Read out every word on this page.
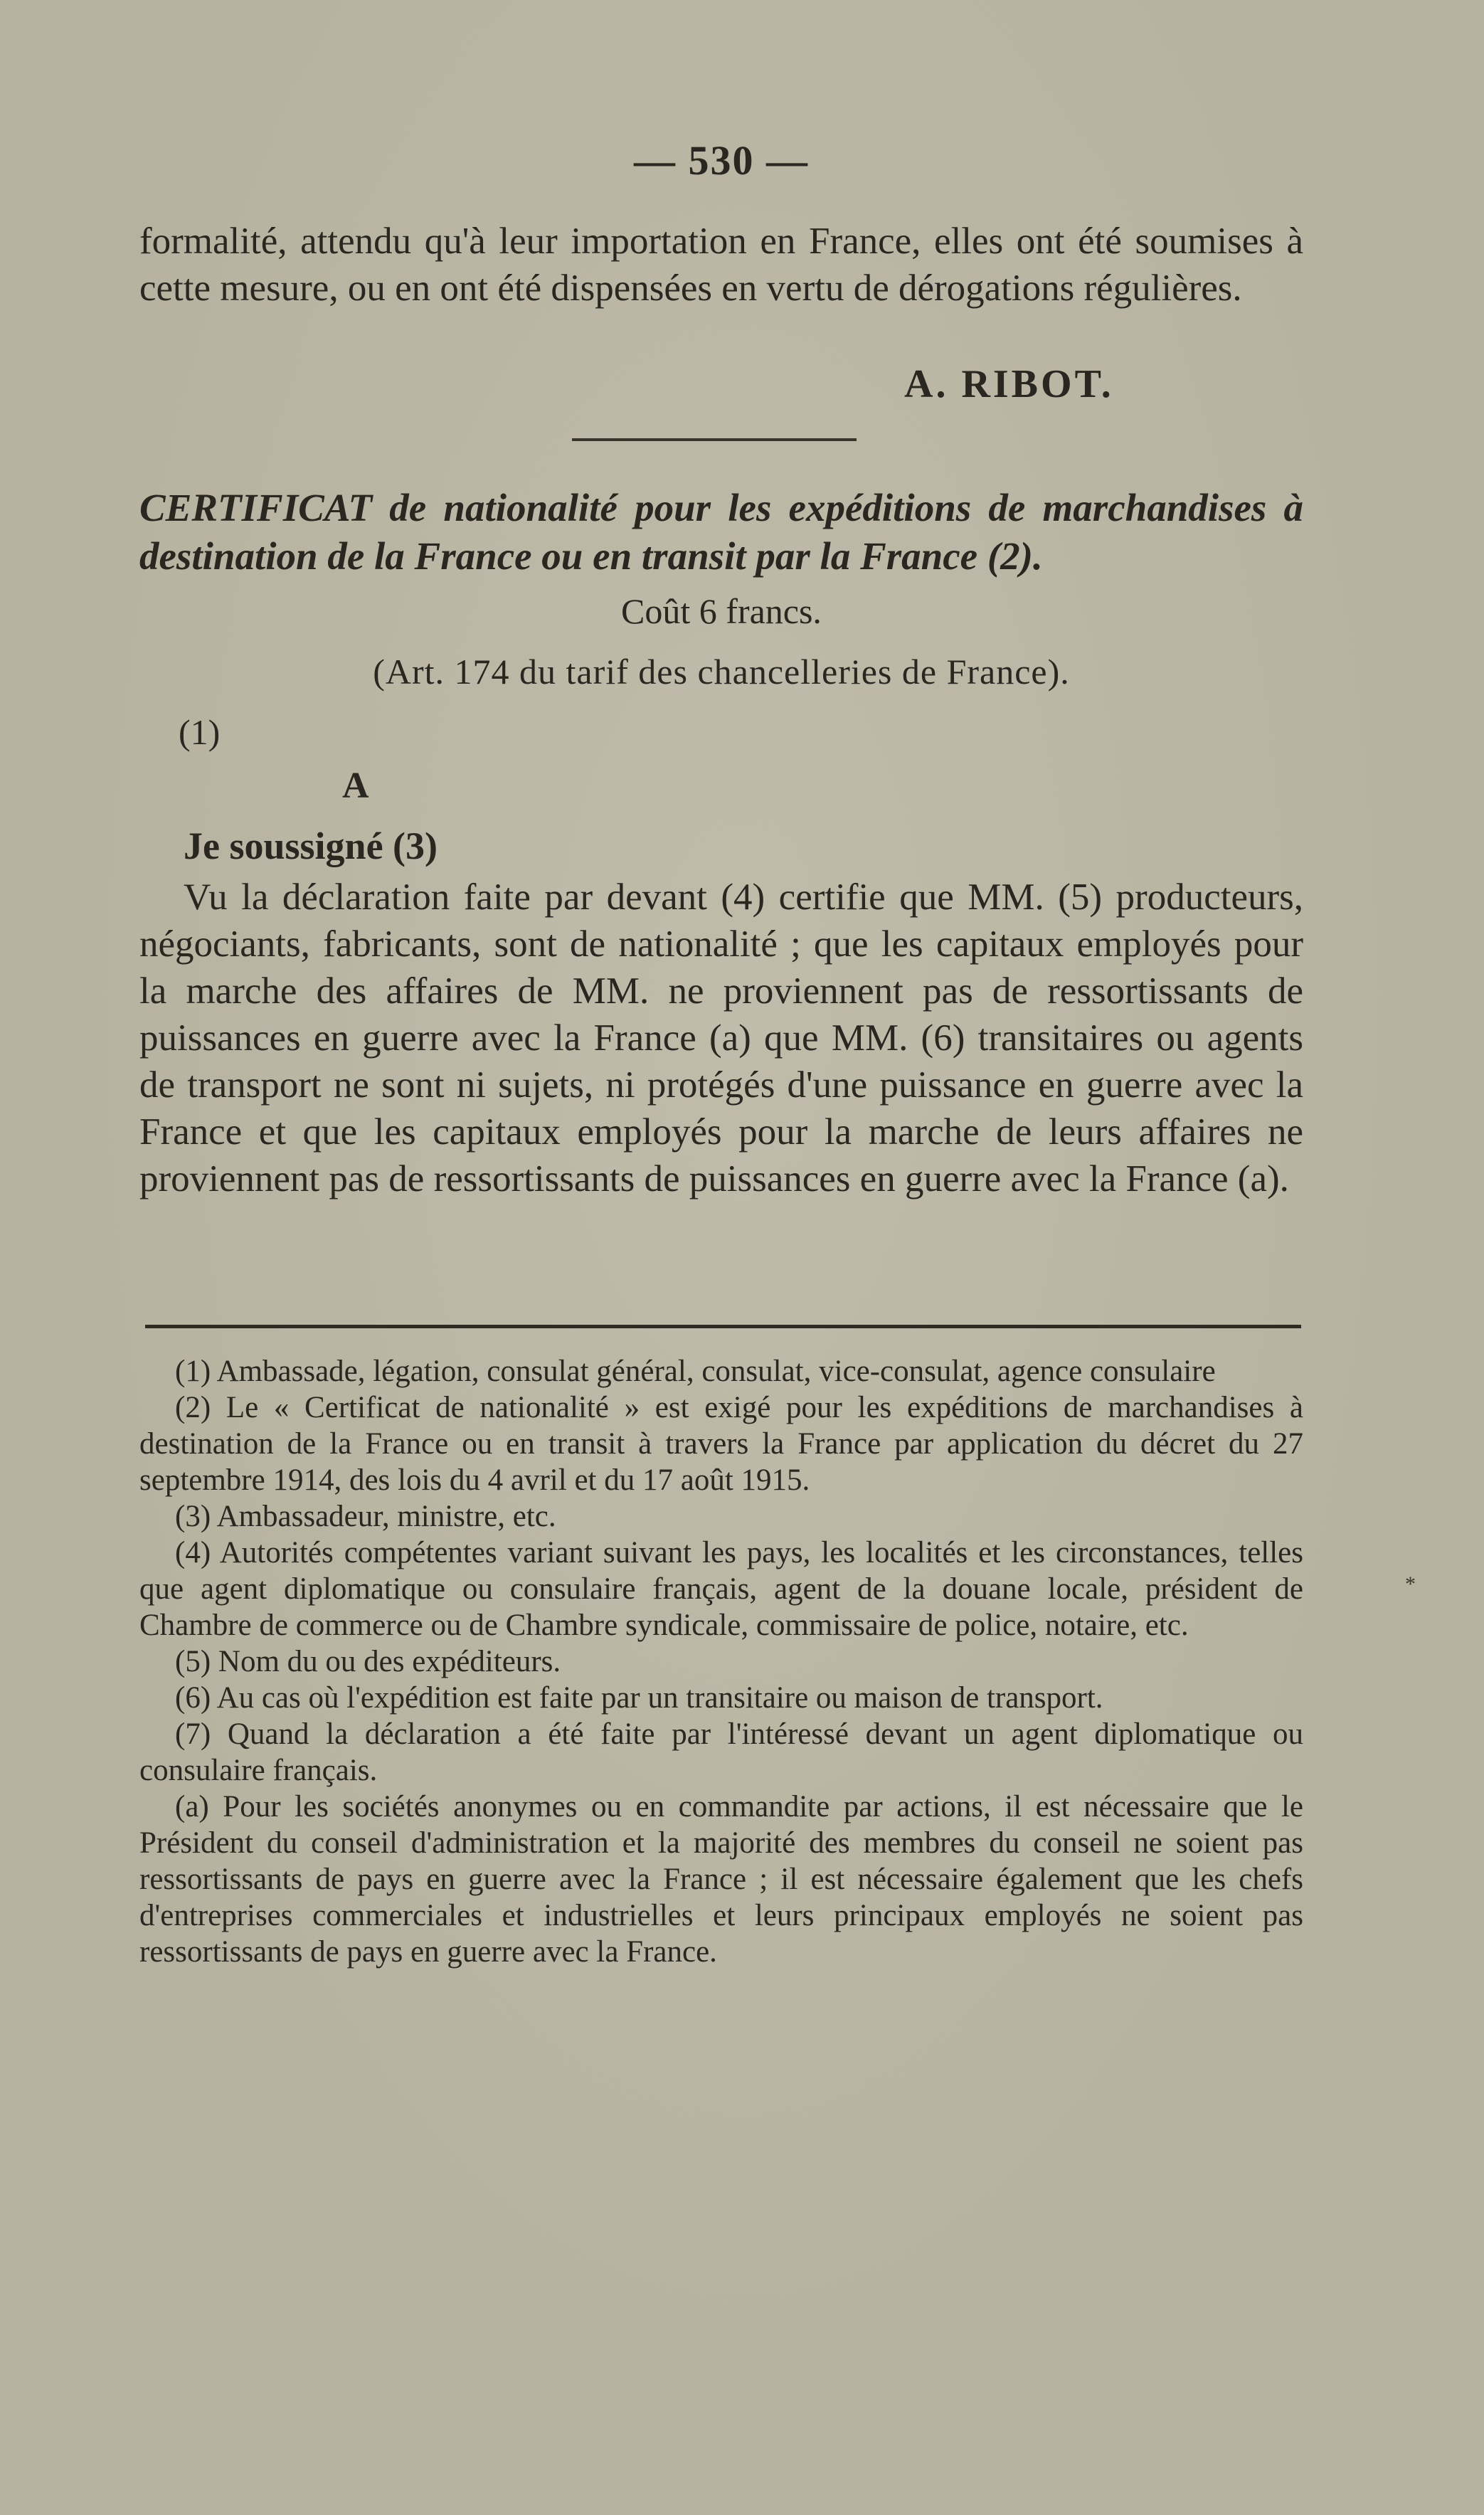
— 530 —

formalité, attendu qu'à leur importation en France, elles ont été soumises à cette mesure, ou en ont été dispensées en vertu de dérogations régulières.

A. RIBOT.

CERTIFICAT de nationalité pour les expéditions de marchandises à destination de la France ou en transit par la France (2).

Coût 6 francs.
(Art. 174 du tarif des chancelleries de France).
(1)
A
Je soussigné (3)

Vu la déclaration faite par devant (4) certifie que MM. (5) producteurs, négociants, fabricants, sont de nationalité ; que les capitaux employés pour la marche des affaires de MM. ne proviennent pas de ressortissants de puissances en guerre avec la France (a) que MM. (6) transitaires ou agents de transport ne sont ni sujets, ni protégés d'une puissance en guerre avec la France et que les capitaux employés pour la marche de leurs affaires ne proviennent pas de ressortissants de puissances en guerre avec la France (a).

(1) Ambassade, légation, consulat général, consulat, vice-consulat, agence consulaire

(2) Le « Certificat de nationalité » est exigé pour les expéditions de marchandises à destination de la France ou en transit à travers la France par application du décret du 27 septembre 1914, des lois du 4 avril et du 17 août 1915.

(3) Ambassadeur, ministre, etc.

(4) Autorités compétentes variant suivant les pays, les localités et les circonstances, telles que agent diplomatique ou consulaire français, agent de la douane locale, président de Chambre de commerce ou de Chambre syndicale, commissaire de police, notaire, etc.

(5) Nom du ou des expéditeurs.

(6) Au cas où l'expédition est faite par un transitaire ou maison de transport.

(7) Quand la déclaration a été faite par l'intéressé devant un agent diplomatique ou consulaire français.

(a) Pour les sociétés anonymes ou en commandite par actions, il est nécessaire que le Président du conseil d'administration et la majorité des membres du conseil ne soient pas ressortissants de pays en guerre avec la France ; il est nécessaire également que les chefs d'entreprises commerciales et industrielles et leurs principaux employés ne soient pas ressortissants de pays en guerre avec la France.

*
